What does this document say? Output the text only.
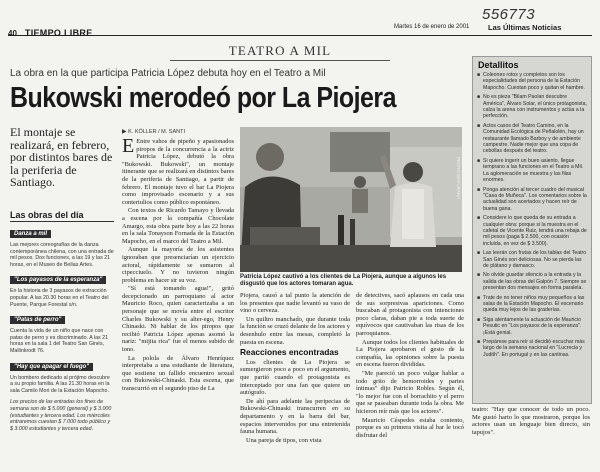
556773
40 TIEMPO LIBRE
Martes 16 de enero de 2001 Las Últimas Noticias
TEATRO A MIL
La obra en la que participa Patricia López debuta hoy en el Teatro a Mil
Bukowski merodeó por La Piojera
El montaje se realizará, en febrero, por distintos bares de la periferia de Santiago.
Las obras del día
Danza a mil
Las mejores coreografías de la danza contemporánea chilena, con una entrada de mil pesos. Dos funciones, a las 19 y las 21 horas, en el Museo de Bellas Artes.
"Los payasos de la esperanza"
En la historia de 3 payasos de extracción popular. A las 20.30 horas en el Teatro del Puente, Parque Forestal s/n.
"Patas de perro"
Cuenta la vida de un niño que nace con patas de perro y es discriminado. A las 21 horas en la sala 1 del Teatro San Ginés, Mallinkrodt 76.
"Hay que apagar el fuego"
Un bombero dedicado al prójimo descubre a su propio familia. A las 21.30 horas en la sala Camilo Mori de la Estación Mapocho.
Los precios de las entradas los fines de semana son de $ 5.000 (general) y $ 3.000 (estudiantes y tercera edad. Los miércoles entraremos cuestan $ 7.000 todo público y $ 3.000 estudiantes y tercera edad.
▶ K. KÖLLER / M. SANTI

E Entre vahos de pipeño y apasionados piropos de la concurrencia a la actriz Patricia López, debutó la obra "Bukowski. Bukowski", un montaje itinerante que se realizará en distintos bares de la periferia de Santiago, a partir de febrero. El montaje tuvo el bar La Piojera como improvisado escenario y a sus contertulios como público espontáneo.

Con textos de Ricardo Tamayo y llevada a escena por la compañía Chocolate Amargo, esta obra parte hoy a las 22 horas en la sala Tonayson Fornada de la Estación Mapocho, en el marco del Teatro a Mil.

Aunque la mayoría de los asistentes ignoraban que presenciarían un ejercicio actoral, rápidamente se sumaron al cipecciuelo. Y no tuvieron ningún problema en hacer sir su voz.

"Sí está tomando agua!", gritó decepcionado un parroquiano al actor Mauricio Roco, quien caracterizaba a un personaje que se movía entre el escritor Charles Bukowski y su alter-ego, Henry Chinaski. Ni hablar de los piropos que recibió Patricia López apenas asomó la nariz: "mijita rica" fue el menos subido de tono.

La polola de Álvaro Henríquez interpretaba a una estudiante de literatura, que sostiene un fallido encuentro sexual con Bukowski-Chinaski. Esta escena, que transcurrió en el segundo piso de La

PEDRO MATURANA
Patricia López cautivó a los clientes de La Piojera, aunque a algunos les disgustó que los actores tomaran agua.

Piojera, causó a tal punto la atención de los presentes que nadie levantó su vaso de vino o cerveza.

Un quiltro manchado, que durante toda la función se cruzó delante de los actores y desenhulo entre las mesas, completó la puesta en escena.

Reacciones encontradas

Los clientes de La Piojera se sumergieron poco a poco en el argumento, que partió cuando el protagonista es interceptado por una fan que quiere un autógrafo.

De ahí para adelante las peripecias de Bukowski-Chinaski transcurren en su departamento y en la barra del bar, espacios intervenidos por una entretenida fauna humana.

Una pareja de tipos, con vista

de detectives, sacó aplausos en cada una de sus sorpresivas apariciones. Como buscaban al protagonista con intenciones poco claras, daban pie a toda suerte de equívocos que cautivaban las risas de los parroquianos.

Aunque todos los clientes habituales de La Piojera aprobaron el gesto de la compañía, las opiniones sobre la puesta en escena fueron divididas.

"Me pareció un poco vulgar hablar a todo grito de hemorroides y partes íntimas" dijo Patricio Robles. Según él, "lo mejor fue con el borrachito y el perro que se paseaban durante toda la obra. Me hicieron reír más que los actores".

Mauricio Céspedes estaba contento, porque es su primera visita al bar le tocó disfrutar del

Detallitos
■ Coleones rotos y completos son los especialidades del persona de la Estación Mapocho. Cuestan poco y quitan el hambre.
■ No es pieza "Bilam Paolan descubre América", Álvaro Solar, el único protagonista, calza la arena con instrumentos y actúa a la perfección.
■ Actos casos del Teatro Camino, en la Comunidad Ecológica de Peñalolén, hay un restaurante llamado Barboy y de ambiente campestre. Nadie mejor que una copa de cebollas después del teatro.
■ Si quiere ingerir un buen asiento, llegue temprano a las funciones en el Teatro a Mil. La aglomeración se muestra y las filas enormes.
■ Ponga atención al tercer cuadro del musical "Casa de Muñeca". Los comentarios sobre la actualidad son acertados y hacen reír de buena gana.
■ Considere lo que queda de su entrada a cualquier obra: porque si la muestra en el cafetal de Vicente Ruiz, tendrá una rebaja de mil pesos (paga $ 2.500, con ocasión incluida, en vez de $ 3.500).
■ Las leerán con frutas de los tablas del Teatro San Ginés son deliciosas. No se pierda las de plátano y damasco.
■ No olvide guardar silencio a la entrada y la salida de las obras del Galpón 7. Siempre se presentan dos mensajes en forma paralela.
■ Trate de no tener niños muy pequeños a las salas de la Estación Mapocho. El escenario queda muy lejos de las graderías.
■ Siga atentamente la actuación de Mauricio Pesutic en "Los payasos de la esperanza". ¡Está genial.
■ Prepárese para reír si decidió escuchar más largo de la semana nacional en "Lucrecia y Judith". En portugal y en las cantinas.

teatro: "Hay que conocer de todo un poco. Me gustó harto lo que mostraron, porque los actores usan un lenguaje bien directo, sin tapujos".
